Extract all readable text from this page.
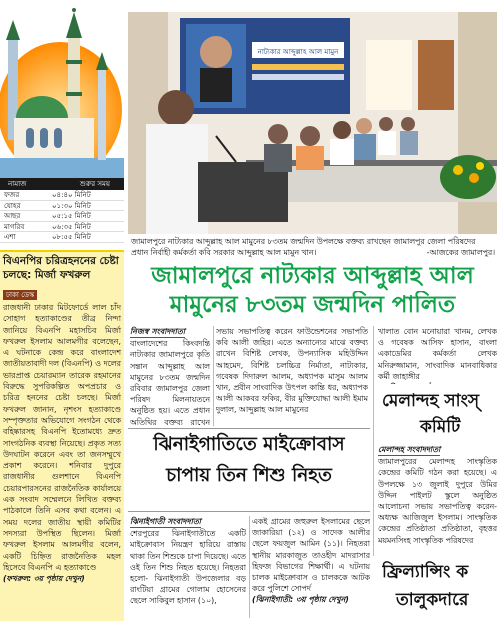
নামাজ	শুরুর সময়
ফজর	০৪:৪০ মিনিট
যোহর	০১:৩০ মিনিট
আছর	০৫:১৫ মিনিট
মাগরিব	০৬:৩৫ মিনিট
এশা	০৮:৫৫ মিনিট
বিএনপির চরিত্রহননের চেষ্টা চলছে: মির্জা ফখরুল
ঢাকা ডেস্ক
রাজধানী ঢাকার মিটফোর্ডে লাল চাঁদ সোহাগ হত্যাকাণ্ডের তীব্র নিন্দা জানিয়ে বিএনপি মহাসচিব মির্জা ফখরুল ইসলাম আলমগীর বলেছেন, এ ঘটনাকে কেন্দ্র করে বাংলাদেশ জাতীয়তাবাদী দল (বিএনপি) ও দলের ভারপ্রাপ্ত চেয়ারম্যান তারেক রহমানের বিরুদ্ধে সুপরিকল্পিত অপপ্রচার ও চরিত্র হননের চেষ্টা চলছে। মির্জা ফখরুল জানান, নৃশংস হত্যাকাণ্ডে সম্পৃক্ততার অভিযোগে সংগঠন থেকে বহিষ্কারসহ বিএনপি ইতোমধ্যে দ্রুত সাংগঠনিক ব্যবস্থা নিয়েছে। প্রকৃত সত্য উদঘাটন করেনে এবং তা জনসম্মুখে প্রকাশ করেনে। শনিবার দুপুরে রাজধানীর গুলশানে বিএনপি চেয়ারপারসনের রাজনৈতিক কার্যালয়ে এক সংবাদ সম্মেলনে লিখিত বক্তব্য পাঠকালে তিনি এসব কথা বলেন। এ সময় দলের জাতীয় স্থায়ী কমিটির সদস্যরা উপস্থিত ছিলেন। মির্জা ফখরুল ইসলাম আলমগীর বলেন, একটি চিহ্নিত রাজনৈতিক মহল হিসেবে বিএনপি এ হত্যাকাণ্ডে
(ফখরুল: ৩য় পৃষ্ঠায় দেখুন)
নাট্যকার আব্দুল্লাহ আল মামুন
জামালপুরে নাট্যকার আব্দুল্লাহ আল মামুনের ৮৩তম জন্মদিন উপলক্ষে বক্তব্য রাখছেন জামালপুর জেলা পরিষদের প্রধান নির্বাহী কর্মকর্তা কবি সরকার আব্দুল্লাহ আল মামুন খান।	-আজকের জামালপুর।
জামালপুরে নাট্যকার আব্দুল্লাহ আল
মামুনের ৮৩তম জন্মদিন পালিত
নিজস্ব সংবাদদাতা
বাংলাদেশের কিংবদন্তি নাট্যকার জামালপুরে কৃতি সন্তান আব্দুল্লাহ আল মামুনের ৮৩তম জন্মদিন রবিবার জামালপুর জেলা পরিষদ মিলনায়তনে অনুষ্ঠিত হয়। এতে প্রধান অতিথির বক্তব্য রাখেন
সভায় সভাপতিত্ব করেন ফাউন্ডেশনের সভাপতি কবি আলী জহির। এতে অন্যান্যের মাঝে বক্তব্য রাখেন বিশিষ্ট লেখক, উপন্যাসিক মহিউদ্দিন আহমেদ, বিশিষ্ট চলচ্চিত্র নির্মাতা, নাট্যকার, গবেষক দিদারুল আলম, অধ্যাপক মাসুম আলম খান, প্রবীন সাংবাদিক উৎপল কান্তি ধর, অধ্যাপক আলী আকবর ফকির, বীর মুক্তিযোদ্ধা আলী ইমাম দুলাল, আব্দুল্লাহ আল মামুনের
খালাত বোন মনোয়ারা খানম, লেখক ও গবেষক আসিফ হাসান, বাংলা একাডেমির কর্মকর্তা লেখক মনিরুজ্জামান, সাংবাদিক মানবাধিকার কর্মী জাহাঙ্গীর
ঝিনাইগাতিতে মাইক্রোবাস
চাপায় তিন শিশু নিহত
ঝিনাইগাতী সংবাদদাতা
শেরপুরের ঝিনাইগাতীতে একটি মাইক্রোবাস নিয়ন্ত্রণ হারিয়ে রাস্তায় থাকা তিন শিশুকে চাপা দিয়েছে। এতে ওই তিন শিশু নিহত হয়েছে। নিহতরা হলো- ঝিনাইগাতী উপজেলার বড় রাংটিয়া গ্রামের গোলাম হোসেনের ছেলে সাকিবুল হাসান (১০),
একই গ্রামের জহুরুল ইসলামের ছেলে জাকারিয়া (১২) ও সাদেক আলীর ছেলে ফয়জুল আমিন (১১)। নিহতরা স্থানীয় মারকাজুত তাওহীদ মাদরাসার হিফজ বিভাগের শিক্ষার্থী। এ ঘটনায় চালক মাইক্রোবাস ও চালককে আটক করে পুলিশে সোপর্দ
(ঝিনাইগাতী: ৩য় পৃষ্ঠায় দেখুন)
মেলান্দহ সাংস্
কমিটি
মেলান্দহ সংবাদদাতা
জামালপুরের মেলান্দহ সাংস্কৃতিক কেন্দ্রের কমিটি গঠন করা হয়েছে। এ উপলক্ষে ১৩ জুলাই দুপুরে উমির উদ্দিন পাইলট স্কুলে অনুষ্ঠিত আলোচনা সভায় সভাপতিত্ব করেন-অধ্যক্ষ আজিজুল ইসলাম। সাংস্কৃতিক কেন্দ্রের প্রতিষ্ঠাতা প্রতিষ্ঠাতা, বৃহত্তর ময়মনসিংহ সাংস্কৃতিক পরিষদের
ফ্রিল্যান্সিং ক
তালুকদারে
